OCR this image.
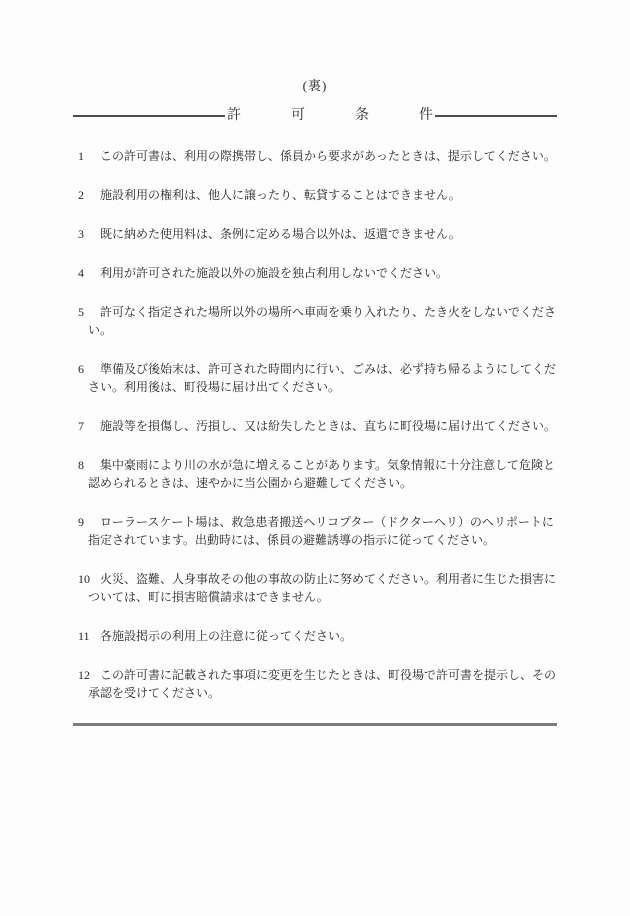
(裏)
許	可	条	件
1 この許可書は、利用の際携帯し、係員から要求があったときは、提示してください。
2 施設利用の権利は、他人に譲ったり、転貸することはできません。
3 既に納めた使用料は、条例に定める場合以外は、返還できません。
4 利用が許可された施設以外の施設を独占利用しないでください。
5 許可なく指定された場所以外の場所へ車両を乗り入れたり、たき火をしないでください。
6 準備及び後始末は、許可された時間内に行い、ごみは、必ず持ち帰るようにしてください。利用後は、町役場に届け出てください。
7 施設等を損傷し、汚損し、又は紛失したときは、直ちに町役場に届け出てください。
8 集中豪雨により川の水が急に増えることがあります。気象情報に十分注意して危険と認められるときは、速やかに当公園から避難してください。
9 ローラースケート場は、救急患者搬送ヘリコプター（ドクターヘリ）のヘリポートに指定されています。出動時には、係員の避難誘導の指示に従ってください。
10 火災、盗難、人身事故その他の事故の防止に努めてください。利用者に生じた損害については、町に損害賠償請求はできません。
11 各施設掲示の利用上の注意に従ってください。
12 この許可書に記載された事項に変更を生じたときは、町役場で許可書を提示し、その承認を受けてください。
